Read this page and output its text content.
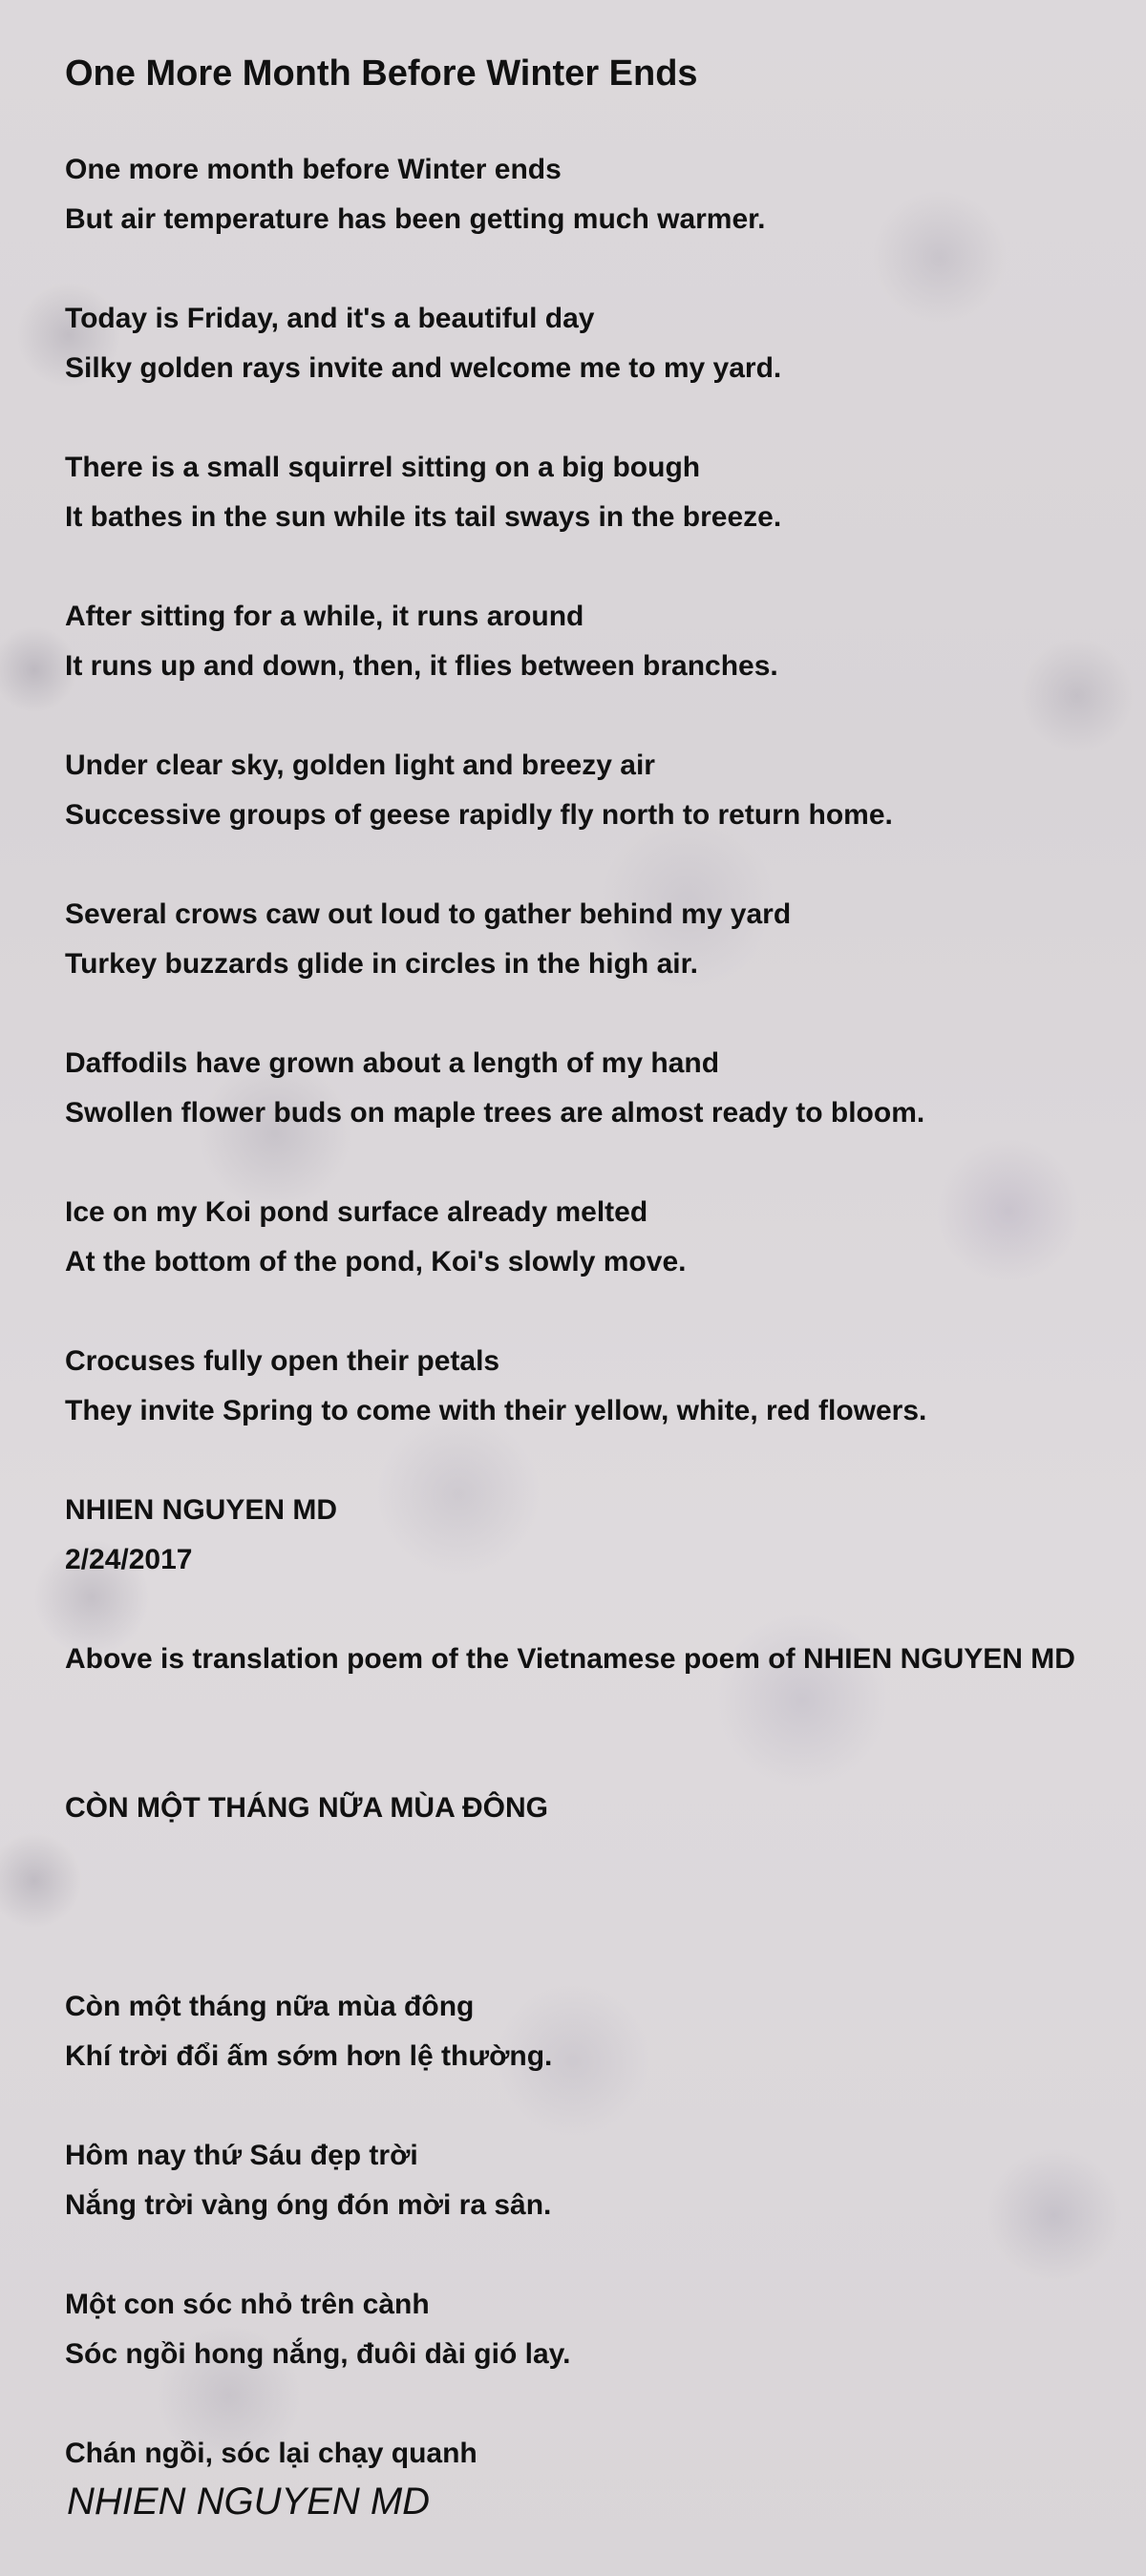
One More Month Before Winter Ends
One more month before Winter ends
But air temperature has been getting much warmer.
Today is Friday, and it's a beautiful day
Silky golden rays invite and welcome me to my yard.
There is a small squirrel sitting on a big bough
It bathes in the sun while its tail sways in the breeze.
After sitting for a while, it runs around
It runs up and down, then, it flies between branches.
Under clear sky, golden light and breezy air
Successive groups of geese rapidly fly north to return home.
Several crows caw out loud to gather behind my yard
Turkey buzzards glide in circles in the high air.
Daffodils have grown about a length of my hand
Swollen flower buds on maple trees are almost ready to bloom.
Ice on my Koi pond surface already melted
At the bottom of the pond, Koi's slowly move.
Crocuses fully open their petals
They invite Spring to come with their yellow, white, red flowers.
NHIEN NGUYEN MD
2/24/2017
Above is translation poem of the Vietnamese poem of NHIEN NGUYEN MD
CÒN MỘT THÁNG NỮA MÙA ĐÔNG
Còn một tháng nữa mùa đông
Khí trời đổi ấm sớm hơn lệ thường.
Hôm nay thứ Sáu đẹp trời
Nắng trời vàng óng đón mời ra sân.
Một con sóc nhỏ trên cành
Sóc ngồi hong nắng, đuôi dài gió lay.
Chán ngồi, sóc lại chạy quanh
NHIEN NGUYEN MD
